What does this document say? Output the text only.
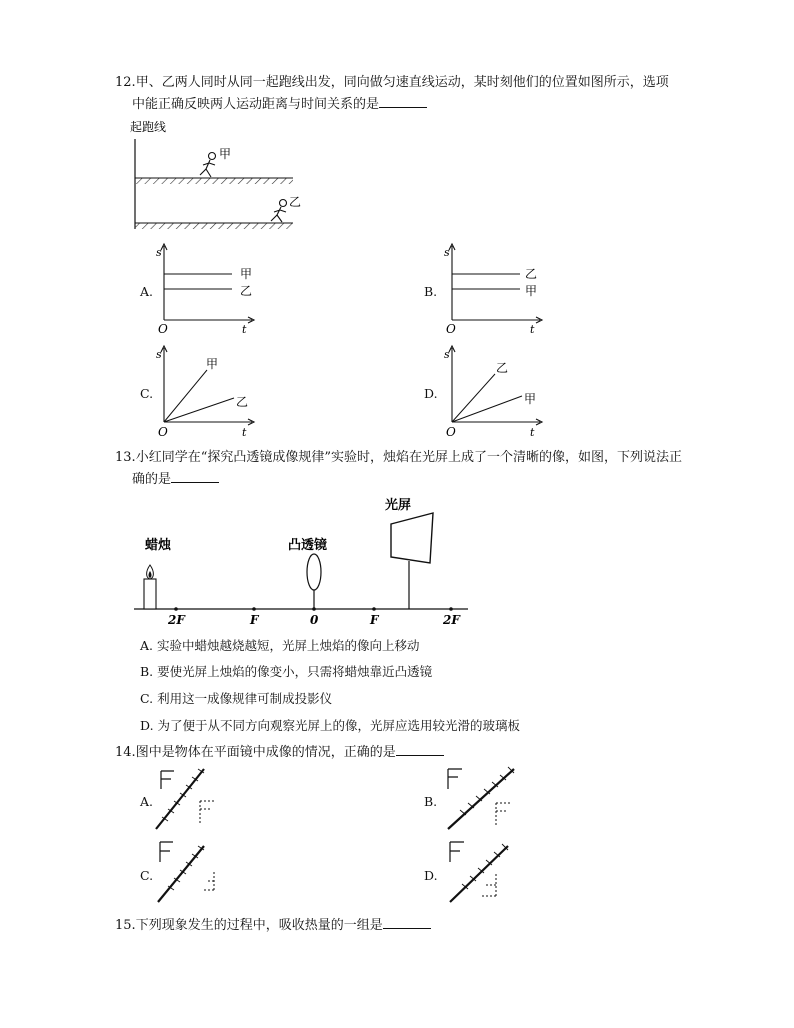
12.甲、乙两人同时从同一起跑线出发，同向做匀速直线运动，某时刻他们的位置如图所示，选项
中能正确反映两人运动距离与时间关系的是
起跑线
甲
乙
A.
s
O	t
甲
乙	B.
s
O	t
乙
甲
C.
s
O	t
甲
乙
D.
s
O	t
乙
甲
13.小红同学在“探究凸透镜成像规律”实验时，烛焰在光屏上成了一个清晰的像，如图，下列说法正
确的是
蜡烛	凸透镜
光屏
2F	F	0	F	2F
A. 实验中蜡烛越烧越短，光屏上烛焰的像向上移动
B. 要使光屏上烛焰的像变小，只需将蜡烛靠近凸透镜
C. 利用这一成像规律可制成投影仪
D. 为了便于从不同方向观察光屏上的像，光屏应选用较光滑的玻璃板
14.图中是物体在平面镜中成像的情况，正确的是
A.	B.
C.	D.
15.下列现象发生的过程中，吸收热量的一组是
